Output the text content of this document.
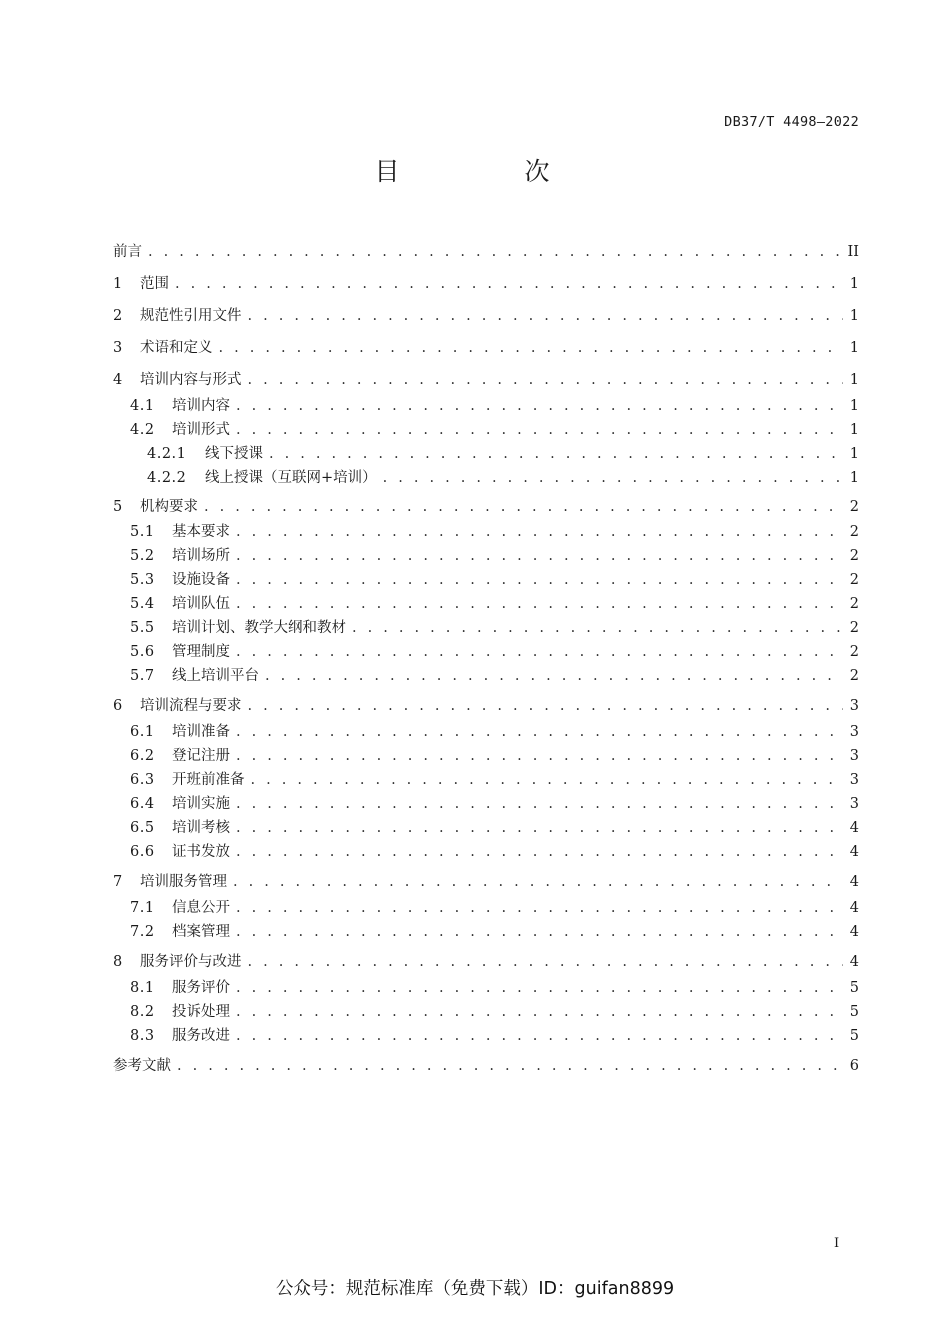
DB37/T 4498—2022
目　次
前言 . . .	II
1	范围 . . .	1
2	规范性引用文件 . . .	1
3	术语和定义 . . .	1
4	培训内容与形式 . . .	1
4.1	培训内容 . . .	1
4.2	培训形式 . . .	1
4.2.1	线下授课 . . .	1
4.2.2	线上授课（互联网+培训） . . .	1
5	机构要求 . . .	2
5.1	基本要求 . . .	2
5.2	培训场所 . . .	2
5.3	设施设备 . . .	2
5.4	培训队伍 . . .	2
5.5	培训计划、教学大纲和教材 . . .	2
5.6	管理制度 . . .	2
5.7	线上培训平台 . . .	2
6	培训流程与要求 . . .	3
6.1	培训准备 . . .	3
6.2	登记注册 . . .	3
6.3	开班前准备 . . .	3
6.4	培训实施 . . .	3
6.5	培训考核 . . .	4
6.6	证书发放 . . .	4
7	培训服务管理 . . .	4
7.1	信息公开 . . .	4
7.2	档案管理 . . .	4
8	服务评价与改进 . . .	4
8.1	服务评价 . . .	5
8.2	投诉处理 . . .	5
8.3	服务改进 . . .	5
参考文献 . . .	6
I
公众号：规范标准库（免费下载）ID：guifan8899
